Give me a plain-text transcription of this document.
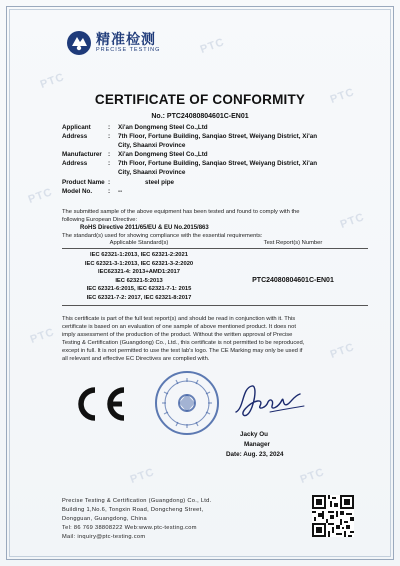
PTC
PTC
PTC
PTC
PTC
PTC
PTC
PTC	PTC
精准检测
PRECISE TESTING
CERTIFICATE OF CONFORMITY
No.: PTC24080804601C-EN01
Applicant	: Xi'an Dongmeng Steel Co.,Ltd
Address	: 7th Floor, Fortune Building, Sanqiao Street, Weiyang District, Xi'an
City, Shaanxi Province
Manufacturer : Xi'an Dongmeng Steel Co.,Ltd
Address	: 7th Floor, Fortune Building, Sanqiao Street, Weiyang District, Xi'an
City, Shaanxi Province
Product Name :	steel pipe
Model No.	: --
The submitted sample of the above equipment has been tested and found to comply with the
following European Directive:
RoHS Directive 2011/65/EU & EU No.2015/863
The standard(s) used for showing compliance with the essential requirements:
Applicable Standard(s)	Test Report(s) Number
IEC 62321-1:2013, IEC 62321-2:2021
IEC 62321-3-1:2013, IEC 62321-3-2:2020
IEC62321-4: 2013+AMD1:2017
IEC 62321-5:2013
IEC 62321-6:2015, IEC 62321-7-1: 2015
IEC 62321-7-2: 2017, IEC 62321-8:2017
PTC24080804601C-EN01
This certificate is part of the full test report(s) and should be read in conjunction with it. This
certificate is based on an evaluation of one sample of above mentioned product. It does not
imply assessment of the production of the product. Without the written approval of Precise
Testing & Certification (Guangdong) Co., Ltd., this certificate is not permitted to be reproduced,
except in full. It is not permitted to use the test lab's logo. The CE Marking may only be used if
all relevant and effective EC Directives are complied with.
Jacky Ou
Manager
Date: Aug. 23, 2024
Precise Testing & Certification (Guangdong) Co., Ltd.
Building 1,No.6, Tongxin Road, Dongcheng Street,
Dongguan, Guangdong, China
Tel: 86 769 38808222 Web:www.ptc-testing.com
Mail: inquiry@ptc-testing.com
